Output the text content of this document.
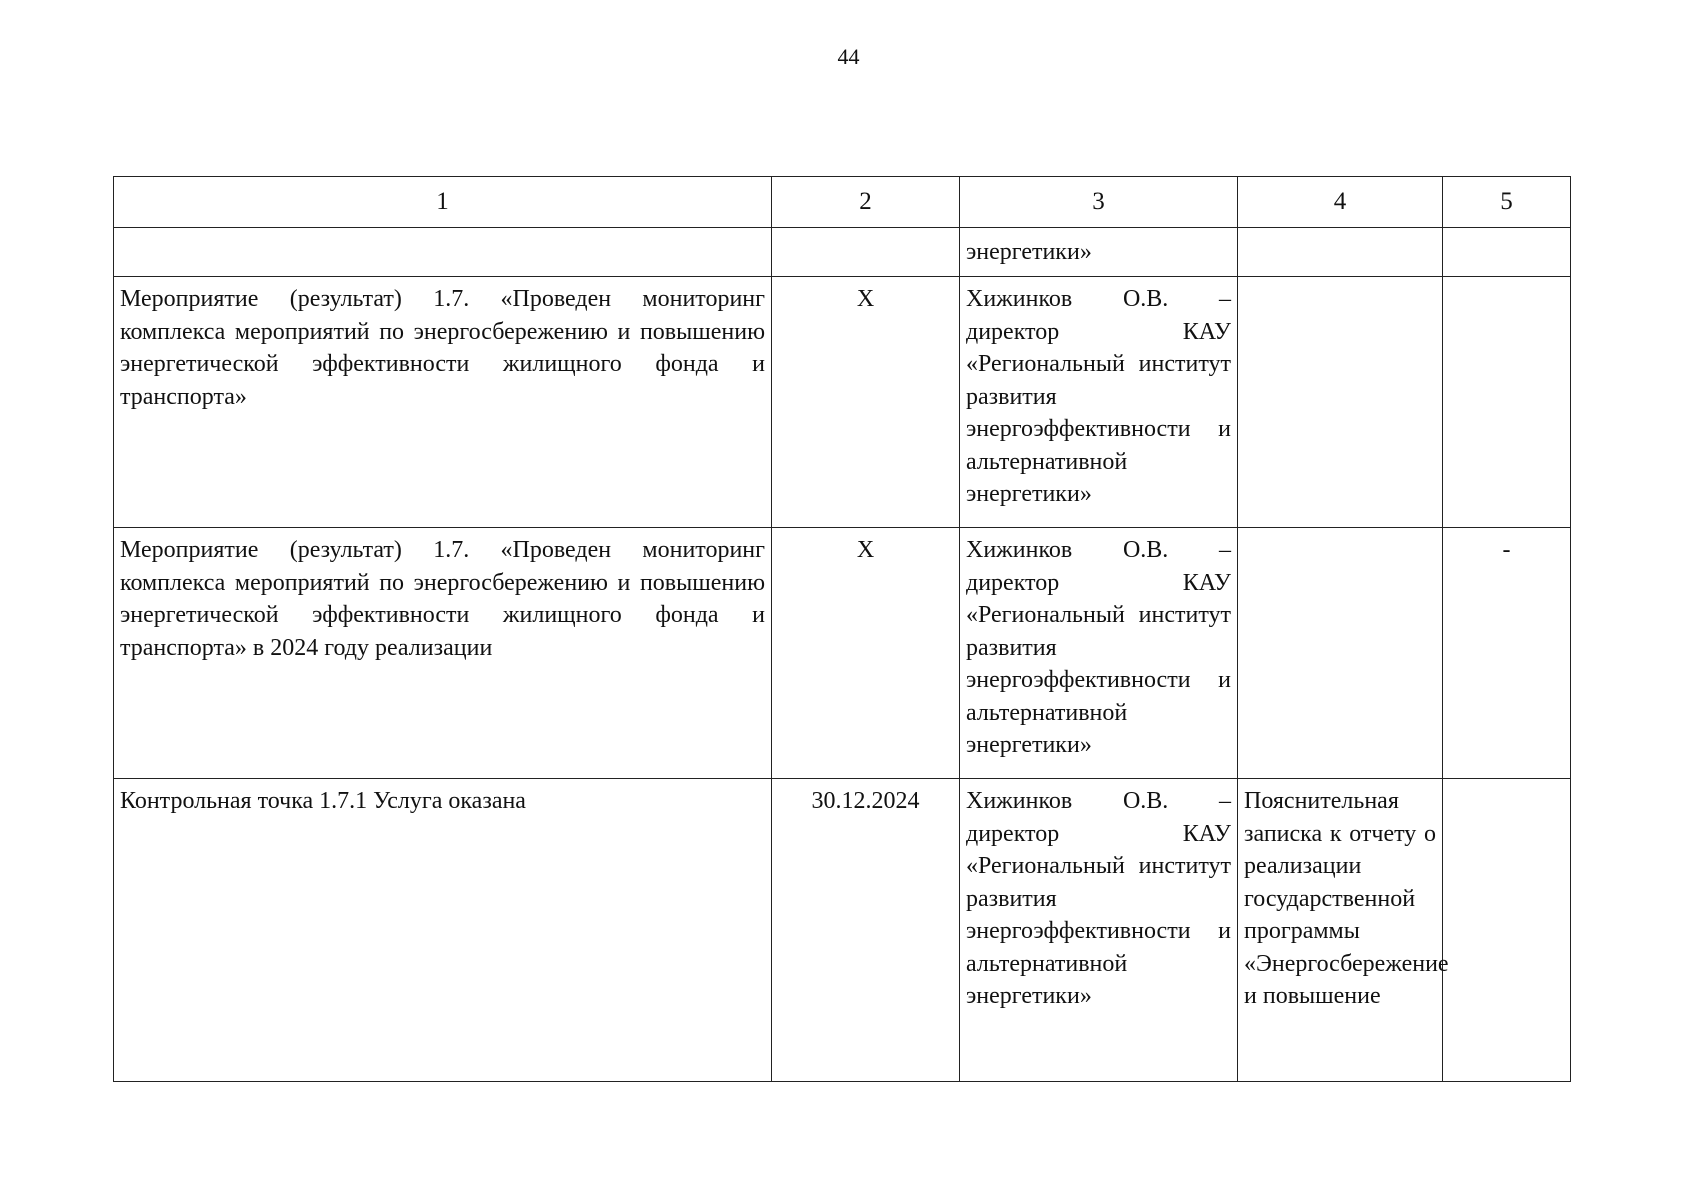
44
1	2	3	4	5
		энергетики»		
Мероприятие (результат) 1.7. «Проведен мониторинг комплекса мероприятий по энергосбережению и повышению энергетической эффективности жилищного фонда и транспорта»	X	Хижинков О.В. – директор КАУ «Региональный институт развития энергоэффективности и альтернативной энергетики»		
Мероприятие (результат) 1.7. «Проведен мониторинг комплекса мероприятий по энергосбережению и повышению энергетической эффективности жилищного фонда и транспорта» в 2024 году реализации	X	Хижинков О.В. – директор КАУ «Региональный институт развития энергоэффективности и альтернативной энергетики»		-
Контрольная точка 1.7.1 Услуга оказана	30.12.2024	Хижинков О.В. – директор КАУ «Региональный институт развития энергоэффективности и альтернативной энергетики»	Пояснительная записка к отчету о реализации государственной программы «Энергосбережение и повышение	
